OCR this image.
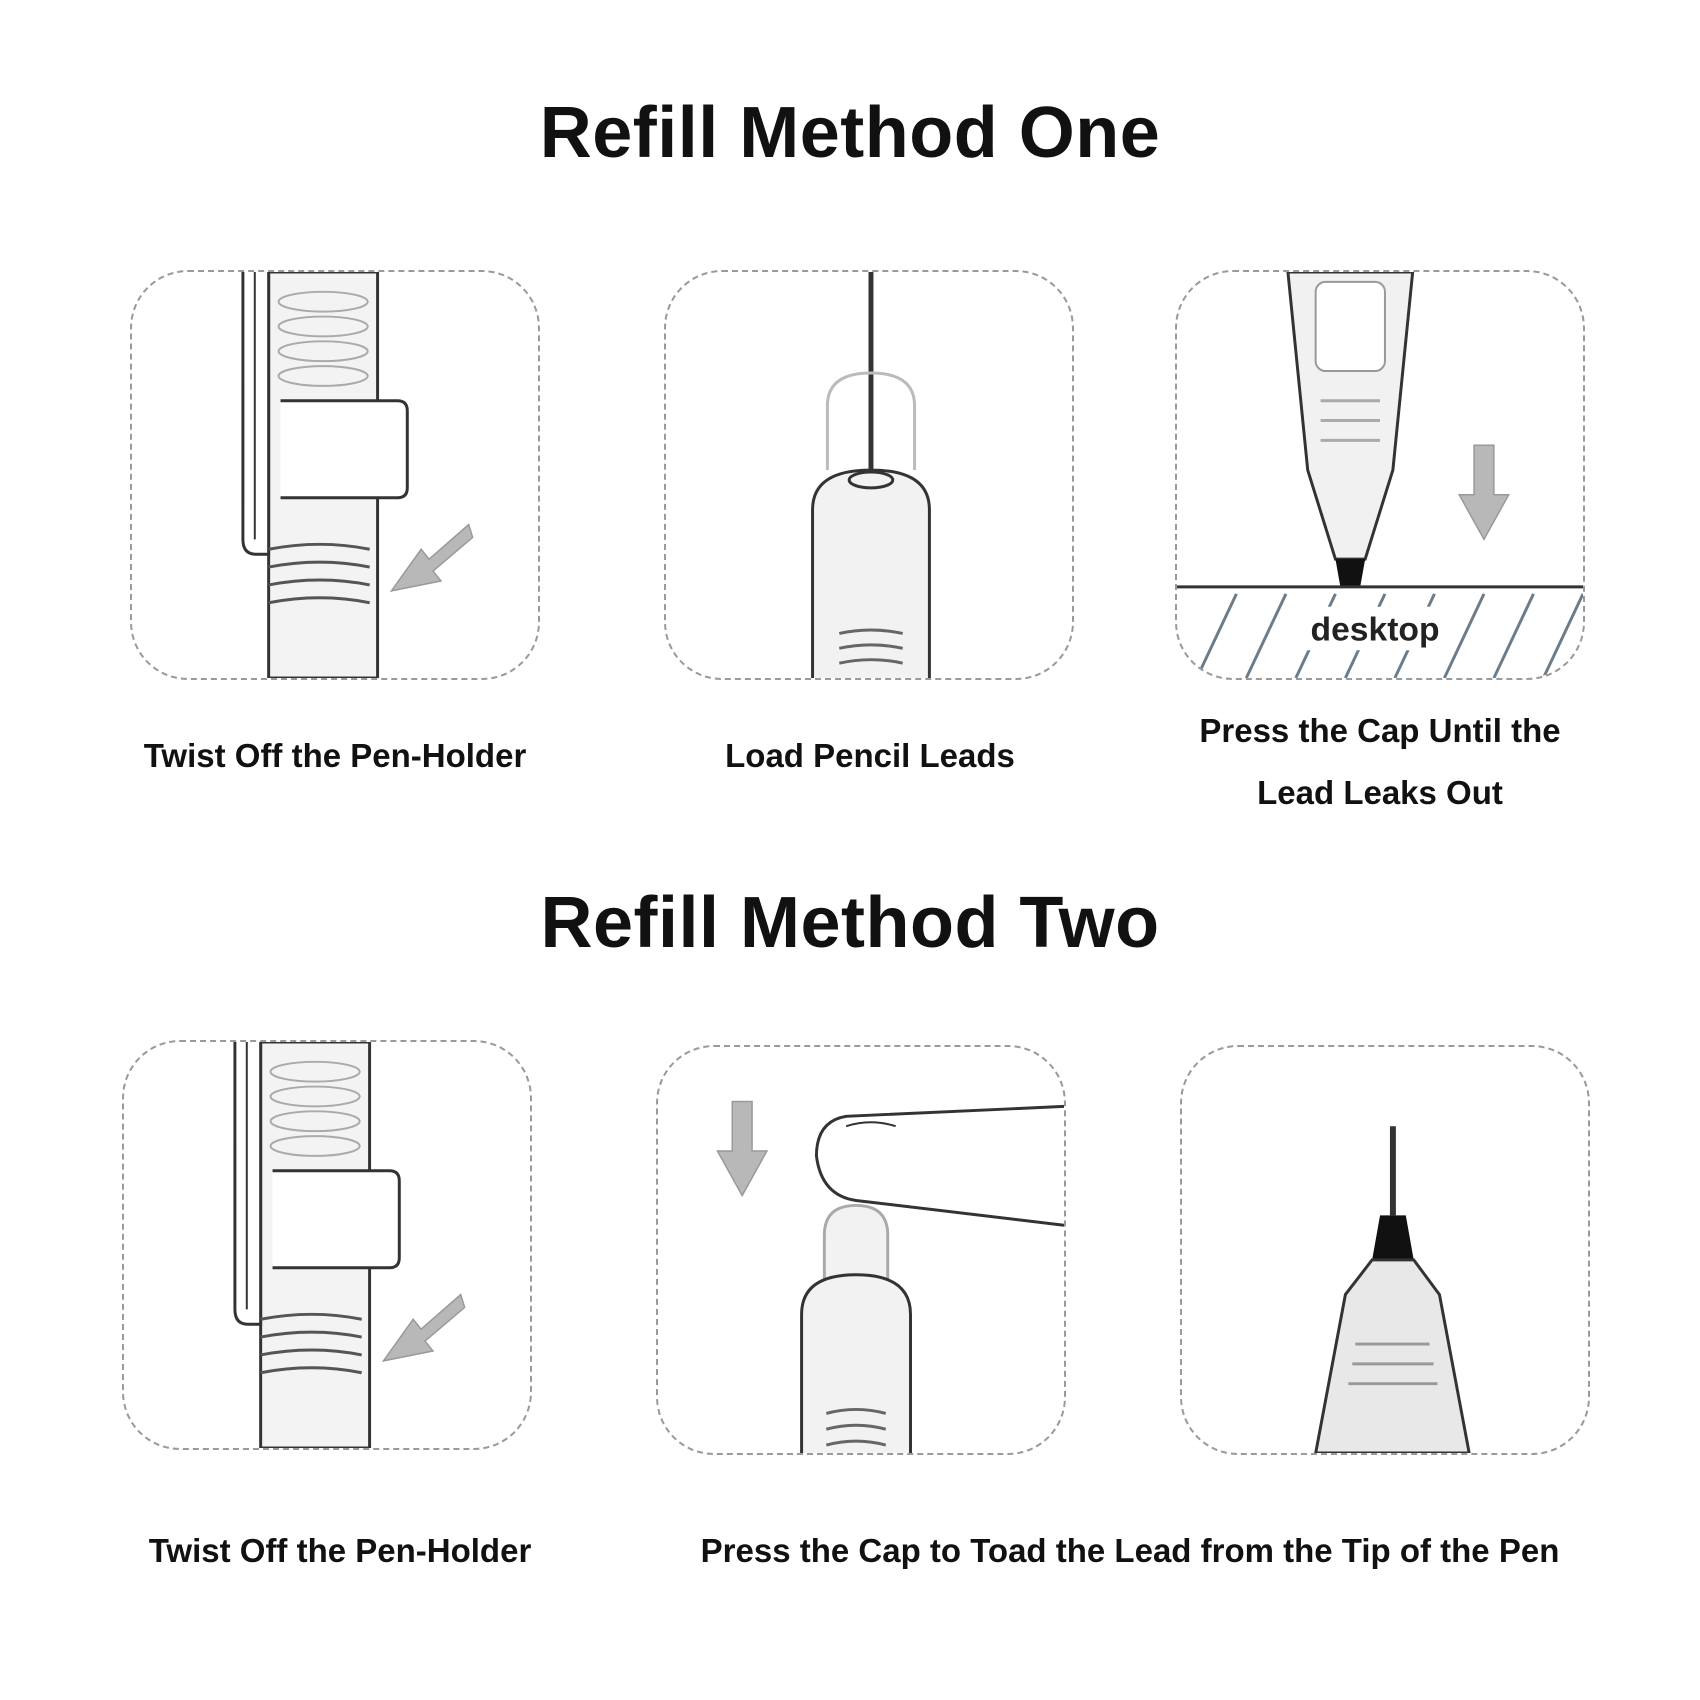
Refill Method One
desktop

Twist Off the Pen-Holder	Load Pencil Leads

Press the Cap Until the

Lead Leaks Out

Refill Method Two

Twist Off the Pen-Holder	Press the Cap to Toad the Lead from the Tip of the Pen
